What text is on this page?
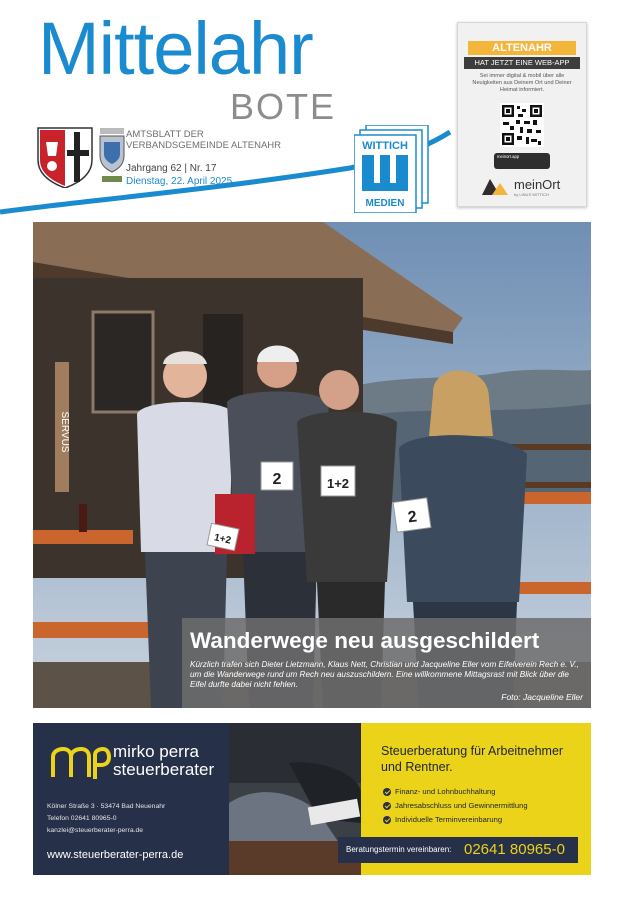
Mittelahr
BOTE
AMTSBLATT DER
VERBANDSGEMEINDE ALTENAHR
Jahrgang 62 | Nr. 17
Dienstag, 22. April 2025
WITTICH
MEDIEN
ALTENAHR
HAT JETZT EINE WEB-APP
Sei immer digital & mobil über alle Neuigkeiten aus Deinem Ort und Deiner Heimat informiert.
meinort.app
meinOrt
by LINUS WITTICH
SERVUS
2	1+2
2
1+2
Wanderwege neu ausgeschildert
Kürzlich trafen sich Dieter Lietzmann, Klaus Nett, Christian und Jacqueline Eller vom Eifelverein Rech e. V., um die Wanderwege rund um Rech neu auszuschildern. Eine willkommene Mittagsrast mit Blick über die Eifel durfte dabei nicht fehlen.
Foto: Jacqueline Eller
mirko perra
steuerberater
Kölner Straße 3 · 53474 Bad Neuenahr
Telefon 02641 80965-0
kanzlei@steuerberater-perra.de
www.steuerberater-perra.de
Steuerberatung für Arbeitnehmer und Rentner.
Finanz- und Lohnbuchhaltung
Jahresabschluss und Gewinnermittlung
Individuelle Terminvereinbarung
Beratungstermin vereinbaren: 02641 80965-0
